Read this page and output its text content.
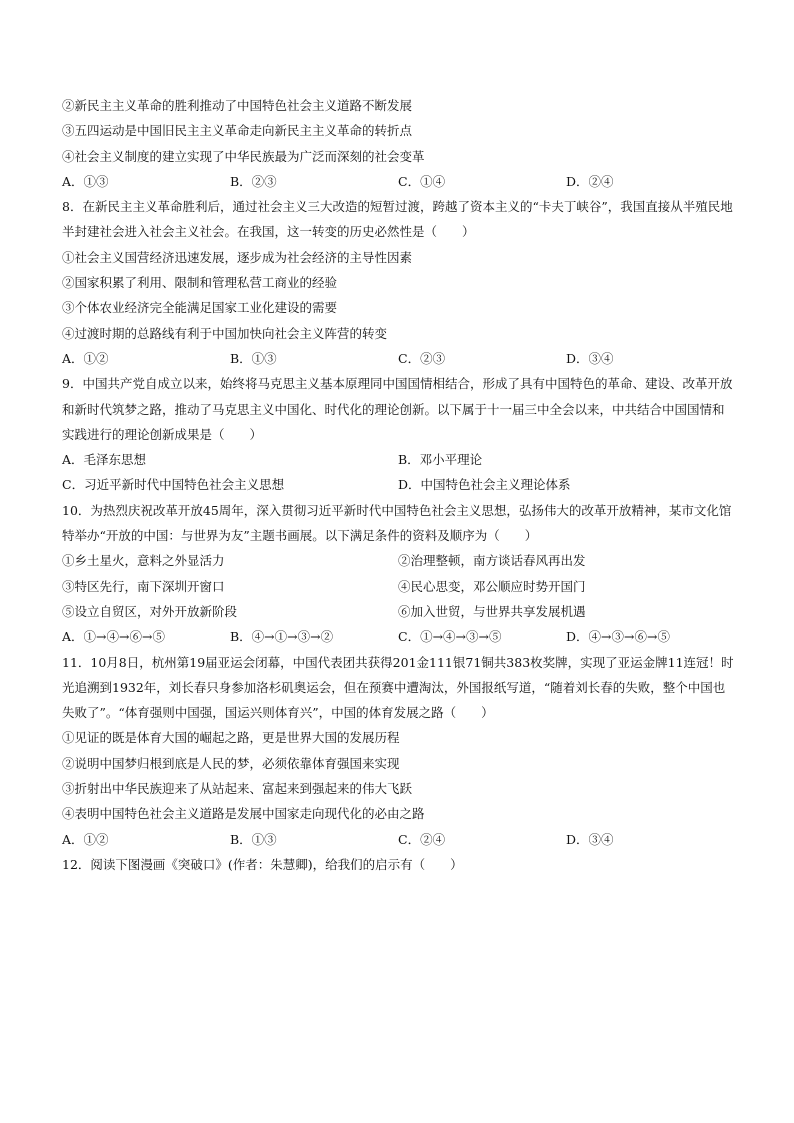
②新民主主义革命的胜利推动了中国特色社会主义道路不断发展
③五四运动是中国旧民主主义革命走向新民主主义革命的转折点
④社会主义制度的建立实现了中华民族最为广泛而深刻的社会变革
A．①③	B．②③	C．①④	D．②④
8．在新民主主义革命胜利后，通过社会主义三大改造的短暂过渡，跨越了资本主义的“卡夫丁峡谷”，我国直接从半殖民地半封建社会进入社会主义社会。在我国，这一转变的历史必然性是（　　）
①社会主义国营经济迅速发展，逐步成为社会经济的主导性因素
②国家积累了利用、限制和管理私营工商业的经验
③个体农业经济完全能满足国家工业化建设的需要
④过渡时期的总路线有利于中国加快向社会主义阵营的转变
A．①②	B．①③	C．②③	D．③④
9．中国共产党自成立以来，始终将马克思主义基本原理同中国国情相结合，形成了具有中国特色的革命、建设、改革开放和新时代筑梦之路，推动了马克思主义中国化、时代化的理论创新。以下属于十一届三中全会以来，中共结合中国国情和实践进行的理论创新成果是（　　）
A．毛泽东思想	B．邓小平理论
C．习近平新时代中国特色社会主义思想	D．中国特色社会主义理论体系
10．为热烈庆祝改革开放45周年，深入贯彻习近平新时代中国特色社会主义思想，弘扬伟大的改革开放精神，某市文化馆特举办“开放的中国：与世界为友”主题书画展。以下满足条件的资料及顺序为（　　）
①乡土星火，意料之外显活力	②治理整顿，南方谈话春风再出发
③特区先行，南下深圳开窗口	④民心思变，邓公顺应时势开国门
⑤设立自贸区，对外开放新阶段	⑥加入世贸，与世界共享发展机遇
A．①→④→⑥→⑤	B．④→①→③→②	C．①→④→③→⑤	D．④→③→⑥→⑤
11．10月8日，杭州第19届亚运会闭幕，中国代表团共获得201金111银71铜共383枚奖牌，实现了亚运金牌11连冠！时光追溯到1932年，刘长春只身参加洛杉矶奥运会，但在预赛中遭淘汰，外国报纸写道，“随着刘长春的失败，整个中国也失败了”。“体育强则中国强，国运兴则体育兴”，中国的体育发展之路（　　）
①见证的既是体育大国的崛起之路，更是世界大国的发展历程
②说明中国梦归根到底是人民的梦，必须依靠体育强国来实现
③折射出中华民族迎来了从站起来、富起来到强起来的伟大飞跃
④表明中国特色社会主义道路是发展中国家走向现代化的必由之路
A．①②	B．①③	C．②④	D．③④
12．阅读下图漫画《突破口》(作者：朱慧卿)，给我们的启示有（　　）
